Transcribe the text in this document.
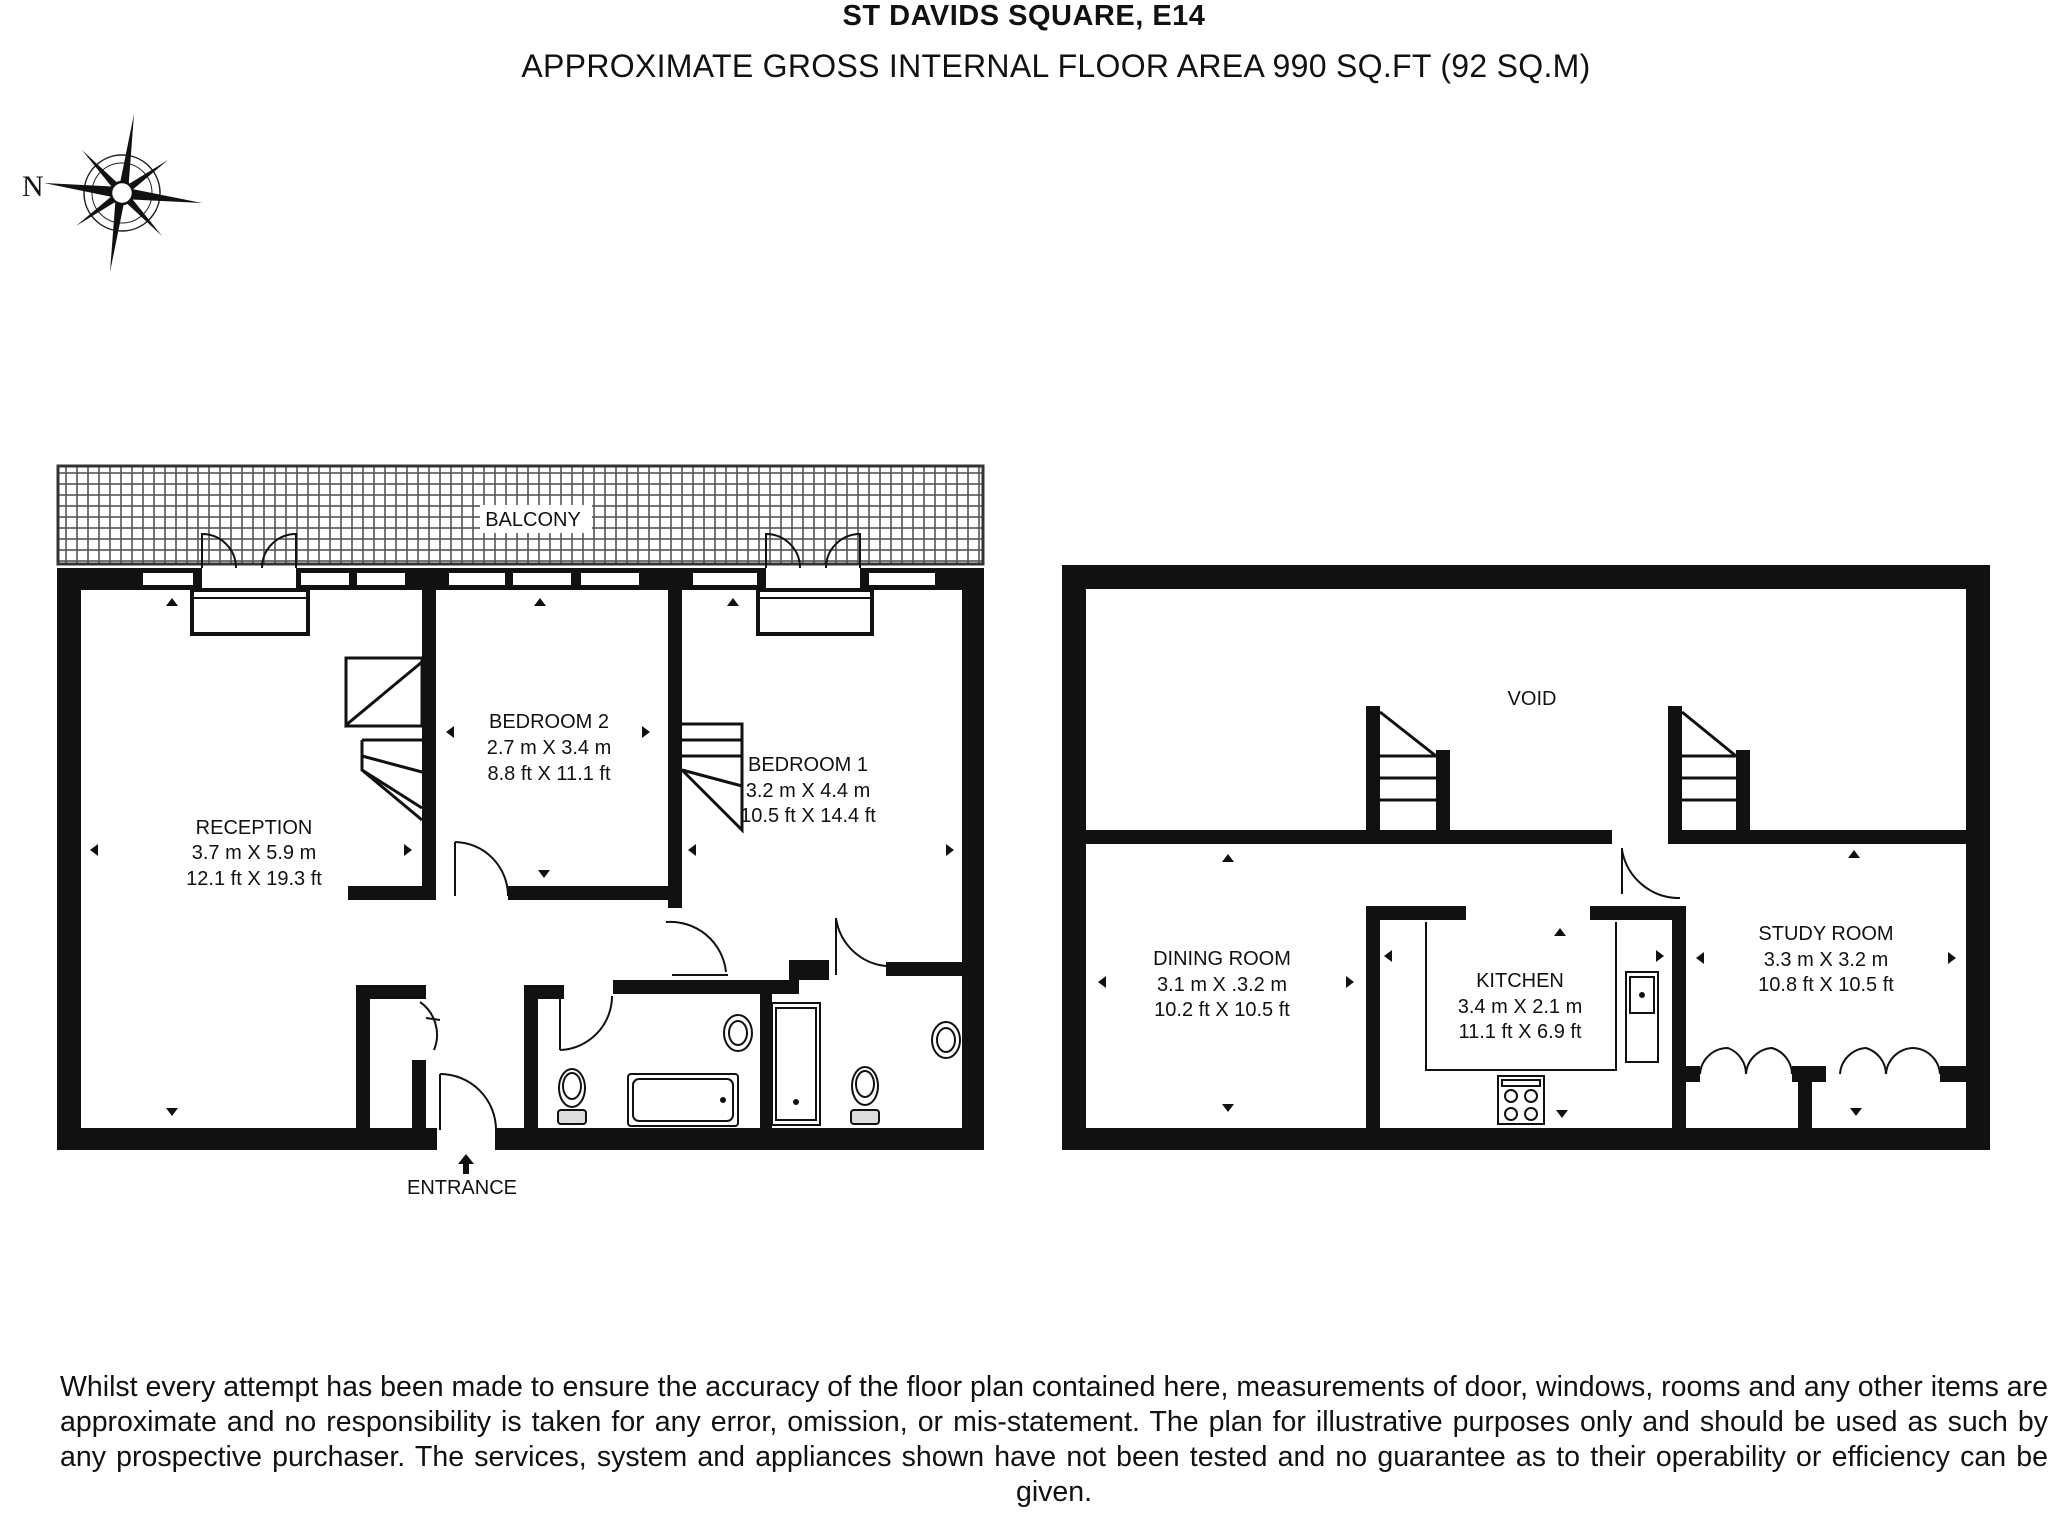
ST DAVIDS SQUARE, E14
APPROXIMATE GROSS INTERNAL FLOOR AREA 990 SQ.FT (92 SQ.M)
N
BALCONY
ENTRANCE
RECEPTION
3.7 m X 5.9 m
12.1 ft X 19.3 ft
BEDROOM 2
2.7 m X 3.4 m
8.8 ft X 11.1 ft	BEDROOM 1
3.2 m X 4.4 m
10.5 ft X 14.4 ft
VOID
DINING ROOM
3.1 m X .3.2 m
10.2 ft X 10.5 ft
KITCHEN
3.4 m X 2.1 m
11.1 ft X 6.9 ft
STUDY ROOM
3.3 m X 3.2 m
10.8 ft X 10.5 ft
Whilst every attempt has been made to ensure the accuracy of the floor plan contained here, measurements of door, windows, rooms and any other items are approximate and no responsibility is taken for any error, omission, or mis-statement. The plan for illustrative purposes only and should be used as such by any prospective purchaser. The services, system and appliances shown have not been tested and no guarantee as to their operability or efficiency can be given.
